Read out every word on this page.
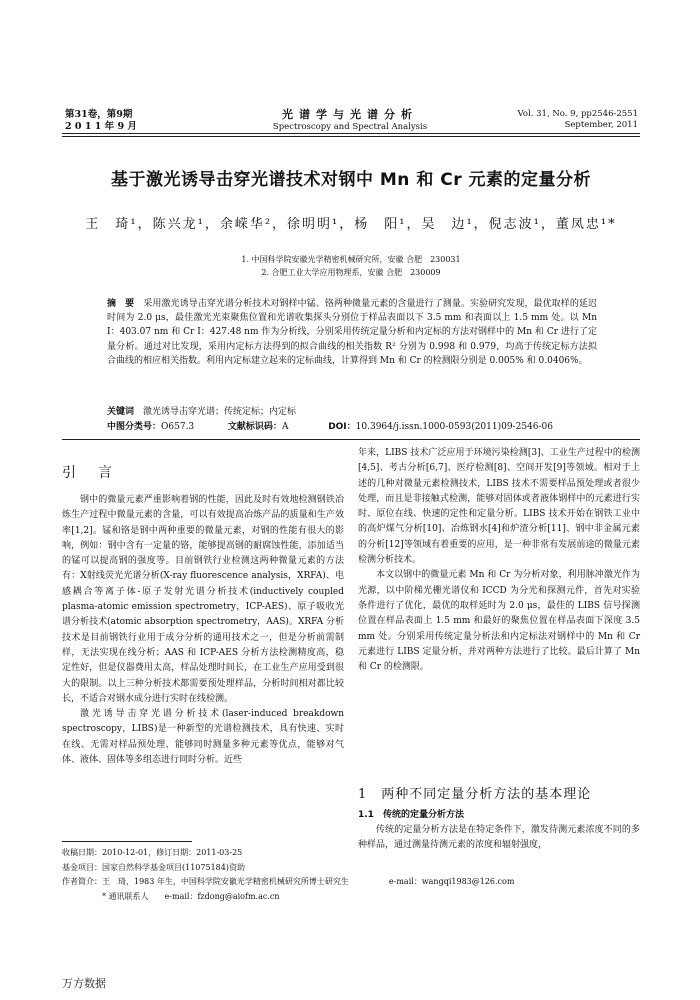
第31卷，第9期
2 0 1 1 年 9 月
光谱学与光谱分析
Spectroscopy and Spectral Analysis
Vol. 31, No. 9, pp2546-2551
September, 2011
基于激光诱导击穿光谱技术对钢中 Mn 和 Cr 元素的定量分析
王　琦¹，陈兴龙¹，余嵘华²，徐明明¹，杨　阳¹，吴　边¹，倪志波¹，董凤忠¹*
1. 中国科学院安徽光学精密机械研究所，安徽 合肥　230031
2. 合肥工业大学应用物理系，安徽 合肥　230009
摘　要　 采用激光诱导击穿光谱分析技术对钢样中锰、铬两种微量元素的含量进行了测量。实验研究发现，最优取样的延迟时间为 2.0 μs，最佳激光光束聚焦位置和光谱收集探头分别位于样品表面以下 3.5 mm 和表面以上 1.5 mm 处。以 Mn Ⅰ：403.07 nm 和 Cr Ⅰ：427.48 nm 作为分析线，分别采用传统定量分析和内定标的方法对钢样中的 Mn 和 Cr 进行了定量分析。通过对比发现，采用内定标方法得到的拟合曲线的相关指数 R² 分别为 0.998 和 0.979，均高于传统定标方法拟合曲线的相应相关指数。利用内定标建立起来的定标曲线，计算得到 Mn 和 Cr 的检测限分别是 0.005% 和 0.0406%。
关键词　 激光诱导击穿光谱；传统定标；内定标
中图分类号：O657.3	文献标识码：A	DOI：10.3964/j.issn.1000-0593(2011)09-2546-06
引　言

钢中的微量元素严重影响着钢的性能，因此及时有效地检测钢铁冶炼生产过程中微量元素的含量，可以有效提高冶炼产品的质量和生产效率[1,2]。锰和铬是钢中两种重要的微量元素，对钢的性能有很大的影响，例如：钢中含有一定量的铬，能够提高钢的耐腐蚀性能，添加适当的锰可以提高钢的强度等。目前钢铁行业检测这两种微量元素的方法有：X射线荧光光谱分析(X-ray fluorescence analysis，XRFA)、电感耦合等离子体-原子发射光谱分析技术(inductively coupled plasma-atomic emission spectrometry，ICP-AES)、原子吸收光谱分析技术(atomic absorption spectrometry，AAS)。XRFA 分析技术是目前钢铁行业用于成分分析的通用技术之一，但是分析前需制样，无法实现在线分析；AAS 和 ICP-AES 分析方法检测精度高，稳定性好，但是仪器费用太高，样品处理时间长，在工业生产应用受到很大的限制。以上三种分析技术都需要预处理样品，分析时间相对都比较长，不适合对钢水成分进行实时在线检测。

激光诱导击穿光谱分析技术(laser-induced breakdown spectroscopy，LIBS)是一种新型的光谱检测技术，具有快速、实时在线、无需对样品预处理、能够同时测量多种元素等优点，能够对气体、液体、固体等多组态进行同时分析。近些

年来，LIBS 技术广泛应用于环境污染检测[3]、工业生产过程中的检测[4,5]、考古分析[6,7]、医疗检测[8]、空间开发[9]等领域。相对于上述的几种对微量元素检测技术，LIBS 技术不需要样品预处理或者很少处理，而且是非接触式检测，能够对固体或者液体钢样中的元素进行实时、原位在线、快速的定性和定量分析。LIBS 技术开始在钢铁工业中的高炉煤气分析[10]、冶炼钢水[4]和炉渣分析[11]、钢中非金属元素的分析[12]等领域有着重要的应用，是一种非常有发展前途的微量元素检测分析技术。

本文以钢中的微量元素 Mn 和 Cr 为分析对象，利用脉冲激光作为光源，以中阶梯光栅光谱仪和 ICCD 为分光和探测元件，首先对实验条件进行了优化，最优的取样延时为 2.0 μs，最佳的 LIBS 信号探测位置在样品表面上 1.5 mm 和最好的聚焦位置在样品表面下深度 3.5 mm 处。分别采用传统定量分析法和内定标法对钢样中的 Mn 和 Cr 元素进行 LIBS 定量分析，并对两种方法进行了比较。最后计算了 Mn 和 Cr 的检测限。

1　两种不同定量分析方法的基本理论
1.1　传统的定量分析方法

传统的定量分析方法是在特定条件下，激发待测元素浓度不同的多种样品，通过测量待测元素的浓度和辐射强度，

收稿日期：2010-12-01，修订日期：2011-03-25
基金项目：国家自然科学基金项目(11075184)资助
作者简介：王　琦，1983 年生，中国科学院安徽光学精密机械研究所博士研究生	e-mail：wangqi1983@126.com
* 通讯联系人　　e-mail：fzdong@aiofm.ac.cn
万方数据
